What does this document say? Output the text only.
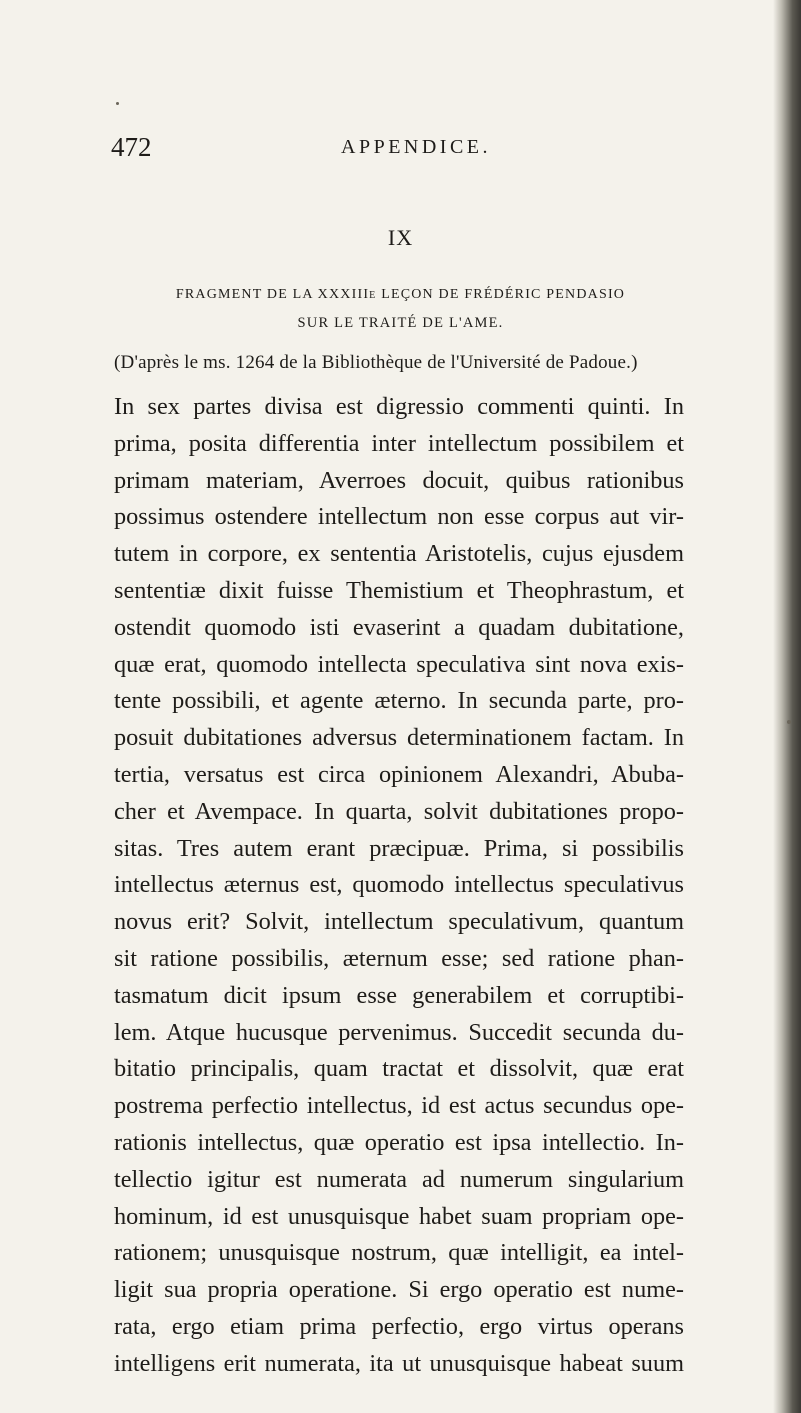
472	APPENDICE.
IX
FRAGMENT DE LA XXXIIIe LEÇON DE FRÉDÉRIC PENDASIO
SUR LE TRAITÉ DE L'AME.
(D'après le ms. 1264 de la Bibliothèque de l'Université de Padoue.)
In sex partes divisa est digressio commenti quinti. In
prima, posita differentia inter intellectum possibilem et
primam materiam, Averroes docuit, quibus rationibus
possimus ostendere intellectum non esse corpus aut vir-
tutem in corpore, ex sententia Aristotelis, cujus ejusdem
sententiæ dixit fuisse Themistium et Theophrastum, et
ostendit quomodo isti evaserint a quadam dubitatione,
quæ erat, quomodo intellecta speculativa sint nova exis-
tente possibili, et agente æterno. In secunda parte, pro-
posuit dubitationes adversus determinationem factam. In
tertia, versatus est circa opinionem Alexandri, Abuba-
cher et Avempace. In quarta, solvit dubitationes propo-
sitas. Tres autem erant præcipuæ. Prima, si possibilis
intellectus æternus est, quomodo intellectus speculativus
novus erit? Solvit, intellectum speculativum, quantum
sit ratione possibilis, æternum esse; sed ratione phan-
tasmatum dicit ipsum esse generabilem et corruptibi-
lem. Atque hucusque pervenimus. Succedit secunda du-
bitatio principalis, quam tractat et dissolvit, quæ erat
postrema perfectio intellectus, id est actus secundus ope-
rationis intellectus, quæ operatio est ipsa intellectio. In-
tellectio igitur est numerata ad numerum singularium
hominum, id est unusquisque habet suam propriam ope-
rationem; unusquisque nostrum, quæ intelligit, ea intel-
ligit sua propria operatione. Si ergo operatio est nume-
rata, ergo etiam prima perfectio, ergo virtus operans
intelligens erit numerata, ita ut unusquisque habeat suum
